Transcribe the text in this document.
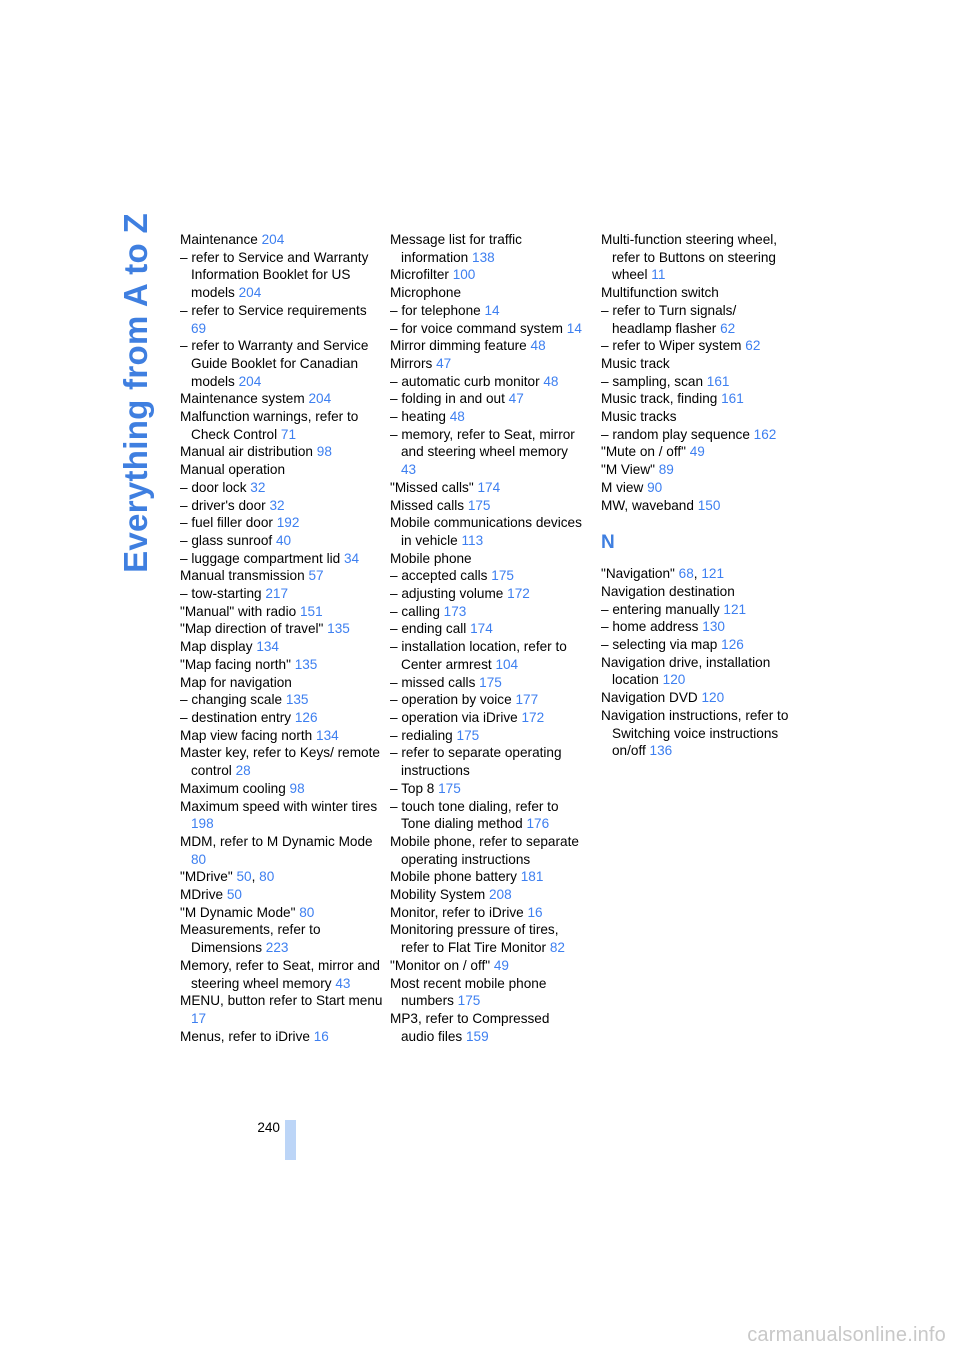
Everything from A to Z Maintenance 204
– refer to Service and Warranty Information Booklet for US models 204
– refer to Service requirements 69
– refer to Warranty and Service Guide Booklet for Canadian models 204
Maintenance system 204
Malfunction warnings, refer to Check Control 71
Manual air distribution 98
Manual operation
– door lock 32
– driver's door 32
– fuel filler door 192
– glass sunroof 40
– luggage compartment lid 34
Manual transmission 57
– tow-starting 217
"Manual" with radio 151
"Map direction of travel" 135
Map display 134
"Map facing north" 135
Map for navigation
– changing scale 135
– destination entry 126
Map view facing north 134
Master key, refer to Keys/ remote control 28
Maximum cooling 98
Maximum speed with winter tires 198
MDM, refer to M Dynamic Mode 80
"MDrive" 50, 80
MDrive 50
"M Dynamic Mode" 80
Measurements, refer to Dimensions 223
Memory, refer to Seat, mirror and steering wheel memory 43
MENU, button refer to Start menu 17
Menus, refer to iDrive 16
Message list for traffic information 138
Microfilter 100
Microphone
– for telephone 14
– for voice command system 14
Mirror dimming feature 48
Mirrors 47
– automatic curb monitor 48
– folding in and out 47
– heating 48
– memory, refer to Seat, mirror and steering wheel memory 43
"Missed calls" 174
Missed calls 175
Mobile communications devices in vehicle 113
Mobile phone
– accepted calls 175
– adjusting volume 172
– calling 173
– ending call 174
– installation location, refer to Center armrest 104
– missed calls 175
– operation by voice 177
– operation via iDrive 172
– redialing 175
– refer to separate operating instructions
– Top 8 175
– touch tone dialing, refer to Tone dialing method 176
Mobile phone, refer to separate operating instructions
Mobile phone battery 181
Mobility System 208
Monitor, refer to iDrive 16
Monitoring pressure of tires, refer to Flat Tire Monitor 82
"Monitor on / off" 49
Most recent mobile phone numbers 175
MP3, refer to Compressed audio files 159
Multi-function steering wheel, refer to Buttons on steering wheel 11
Multifunction switch
– refer to Turn signals/ headlamp flasher 62
– refer to Wiper system 62
Music track
– sampling, scan 161
Music track, finding 161
Music tracks
– random play sequence 162
"Mute on / off" 49
"M View" 89
M view 90
MW, waveband 150
N
"Navigation" 68, 121
Navigation destination
– entering manually 121
– home address 130
– selecting via map 126
Navigation drive, installation location 120
Navigation DVD 120
Navigation instructions, refer to Switching voice instructions on/off 136
240
carmanualsonline.info
